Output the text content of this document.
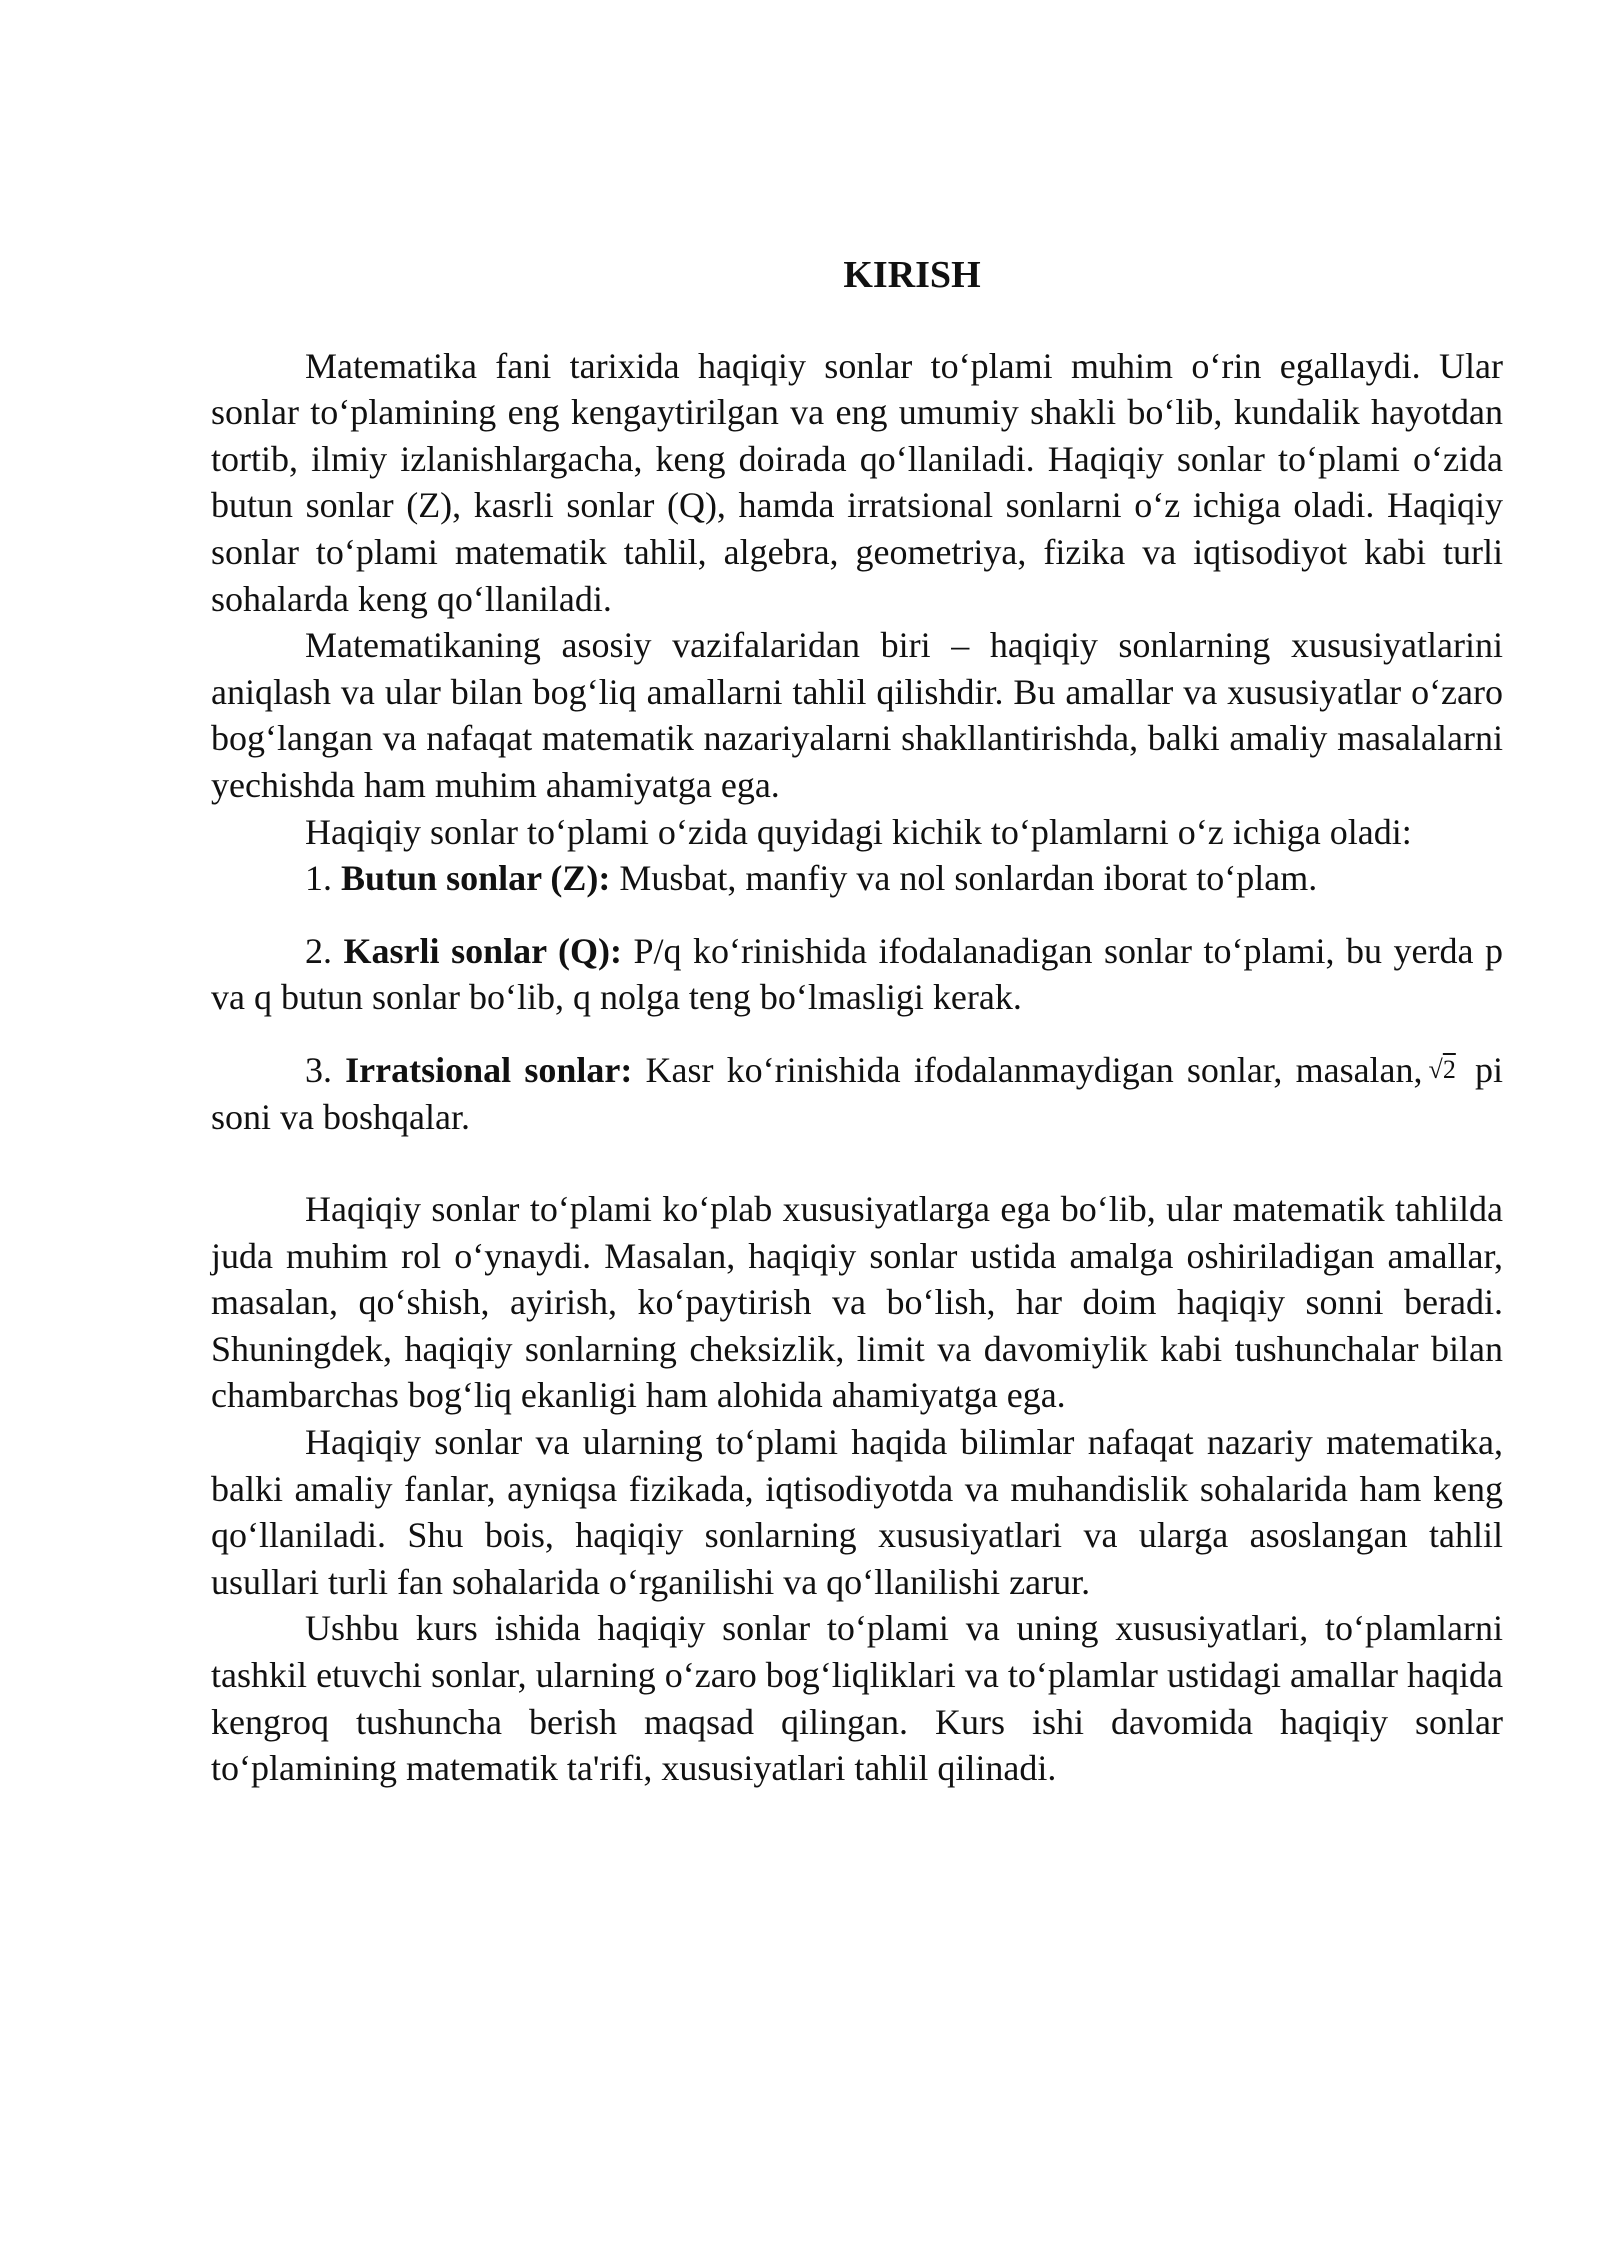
KIRISH

Matematika fani tarixida haqiqiy sonlar to‘plami muhim o‘rin egallaydi. Ular sonlar to‘plamining eng kengaytirilgan va eng umumiy shakli bo‘lib, kundalik hayotdan tortib, ilmiy izlanishlargacha, keng doirada qo‘llaniladi. Haqiqiy sonlar to‘plami o‘zida butun sonlar (Z), kasrli sonlar (Q), hamda irratsional sonlarni o‘z ichiga oladi. Haqiqiy sonlar to‘plami matematik tahlil, algebra, geometriya, fizika va iqtisodiyot kabi turli sohalarda keng qo‘llaniladi.

Matematikaning asosiy vazifalaridan biri – haqiqiy sonlarning xususiyatlarini aniqlash va ular bilan bog‘liq amallarni tahlil qilishdir. Bu amallar va xususiyatlar o‘zaro bog‘langan va nafaqat matematik nazariyalarni shakllantirishda, balki amaliy masalalarni yechishda ham muhim ahamiyatga ega.

Haqiqiy sonlar to‘plami o‘zida quyidagi kichik to‘plamlarni o‘z ichiga oladi:

1. Butun sonlar (Z): Musbat, manfiy va nol sonlardan iborat to‘plam.
2. Kasrli sonlar (Q): P/q ko‘rinishida ifodalanadigan sonlar to‘plami, bu yerda p va q butun sonlar bo‘lib, q nolga teng bo‘lmasligi kerak.
3. Irratsional sonlar: Kasr ko‘rinishida ifodalanmaydigan sonlar, masalan, √2 pi soni va boshqalar.

Haqiqiy sonlar to‘plami ko‘plab xususiyatlarga ega bo‘lib, ular matematik tahlilda juda muhim rol o‘ynaydi. Masalan, haqiqiy sonlar ustida amalga oshiriladigan amallar, masalan, qo‘shish, ayirish, ko‘paytirish va bo‘lish, har doim haqiqiy sonni beradi. Shuningdek, haqiqiy sonlarning cheksizlik, limit va davomiylik kabi tushunchalar bilan chambarchas bog‘liq ekanligi ham alohida ahamiyatga ega.

Haqiqiy sonlar va ularning to‘plami haqida bilimlar nafaqat nazariy matematika, balki amaliy fanlar, ayniqsa fizikada, iqtisodiyotda va muhandislik sohalarida ham keng qo‘llaniladi. Shu bois, haqiqiy sonlarning xususiyatlari va ularga asoslangan tahlil usullari turli fan sohalarida o‘rganilishi va qo‘llanilishi zarur.

Ushbu kurs ishida haqiqiy sonlar to‘plami va uning xususiyatlari, to‘plamlarni tashkil etuvchi sonlar, ularning o‘zaro bog‘liqliklari va to‘plamlar ustidagi amallar haqida kengroq tushuncha berish maqsad qilingan. Kurs ishi davomida haqiqiy sonlar to‘plamining matematik ta'rifi, xususiyatlari tahlil qilinadi.
